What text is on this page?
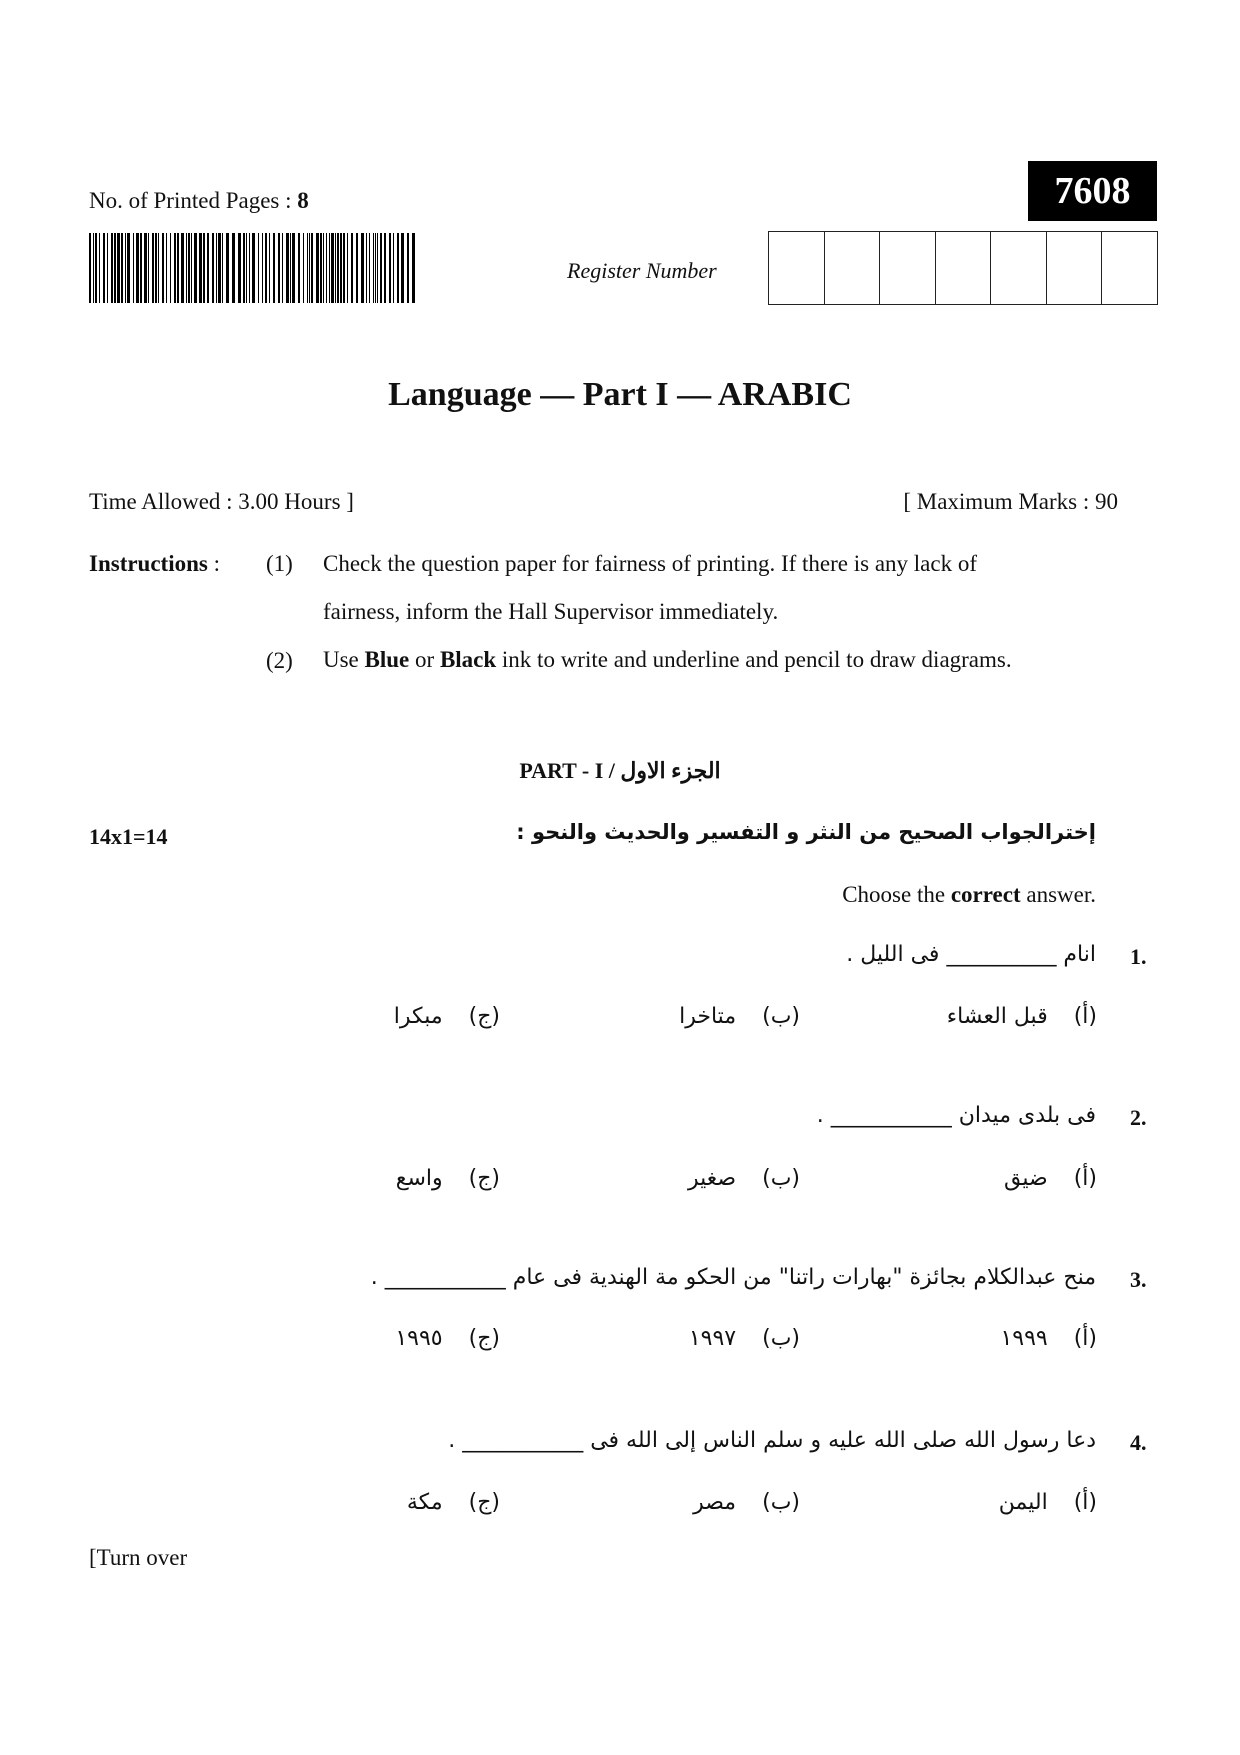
No. of Printed Pages : 8	7608
Register Number
Language — Part I — ARABIC
Time Allowed : 3.00 Hours ]	[ Maximum Marks : 90
Instructions : (1) Check the question paper for fairness of printing. If there is any lack of
fairness, inform the Hall Supervisor immediately.
(2) Use Blue or Black ink to write and underline and pencil to draw diagrams.
PART - I / الجزء الاول
14x1=14	إخترالجواب الصحيح من النثر و التفسير والحديث والنحو :
Choose the correct answer.
1.
انام __________ فى الليل .
(أ)
قبل العشاء
(ب)
متاخرا
(ج)
مبكرا
2.
فى بلدى ميدان ___________ .
(أ)
ضيق
(ب)
صغير
(ج)
واسع
3.
منح عبدالكلام بجائزة "بهارات راتنا" من الحكو مة الهندية فى عام ___________ .
(أ)
١٩٩٩
(ب)
١٩٩٧
(ج)
١٩٩٥
4.
دعا رسول الله صلى الله عليه و سلم الناس إلى الله فى ___________ .
(أ)
اليمن
(ب)
مصر
(ج)
مكة
[Turn over
